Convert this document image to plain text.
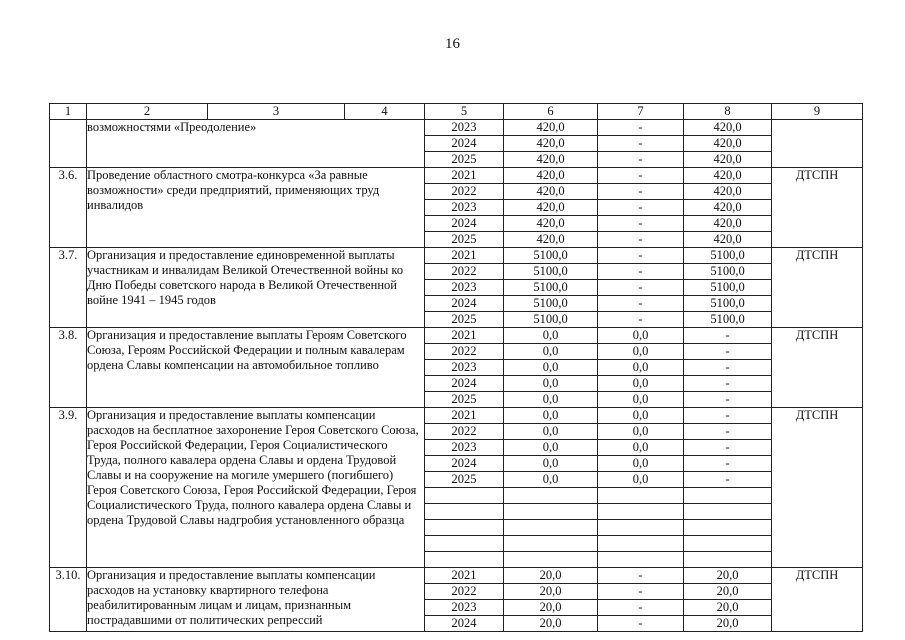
16
1	2	3	4	5	6	7	8	9
	возможностями «Преодоление»			2023	420,0	-	420,0	
				2024	420,0	-	420,0	
				2025	420,0	-	420,0	
3.6.	Проведение областного смотра-конкурса «За равные возможности» среди предприятий, применяющих труд инвалидов			2021	420,0	-	420,0	ДТСПН
				2022	420,0	-	420,0	
				2023	420,0	-	420,0	
				2024	420,0	-	420,0	
				2025	420,0	-	420,0	
3.7.	Организация и предоставление единовременной выплаты участникам и инвалидам Великой Отечественной войны ко Дню Победы советского народа в Великой Отечественной войне 1941 – 1945 годов			2021	5100,0	-	5100,0	ДТСПН
				2022	5100,0	-	5100,0	
				2023	5100,0	-	5100,0	
				2024	5100,0	-	5100,0	
				2025	5100,0	-	5100,0	
3.8.	Организация и предоставление выплаты Героям Советского Союза, Героям Российской Федерации и полным кавалерам ордена Славы компенсации на автомобильное топливо			2021	0,0	0,0	-	ДТСПН
				2022	0,0	0,0	-	
				2023	0,0	0,0	-	
				2024	0,0	0,0	-	
				2025	0,0	0,0	-	
3.9.	Организация и предоставление выплаты компенсации расходов на бесплатное захоронение Героя Советского Союза, Героя Российской Федерации, Героя Социалистического Труда, полного кавалера ордена Славы и ордена Трудовой Славы и на сооружение на могиле умершего (погибшего) Героя Советского Союза, Героя Российской Федерации, Героя Социалистического Труда, полного кавалера ордена Славы и ордена Трудовой Славы надгробия установленного образца			2021	0,0	0,0	-	ДТСПН
				2022	0,0	0,0	-	
				2023	0,0	0,0	-	
				2024	0,0	0,0	-	
				2025	0,0	0,0	-	

3.10.	Организация и предоставление выплаты компенсации расходов на установку квартирного телефона реабилитированным лицам и лицам, признанным пострадавшими от политических репрессий			2021	20,0	-	20,0	ДТСПН
				2022	20,0	-	20,0	
				2023	20,0	-	20,0	
				2024	20,0	-	20,0	
